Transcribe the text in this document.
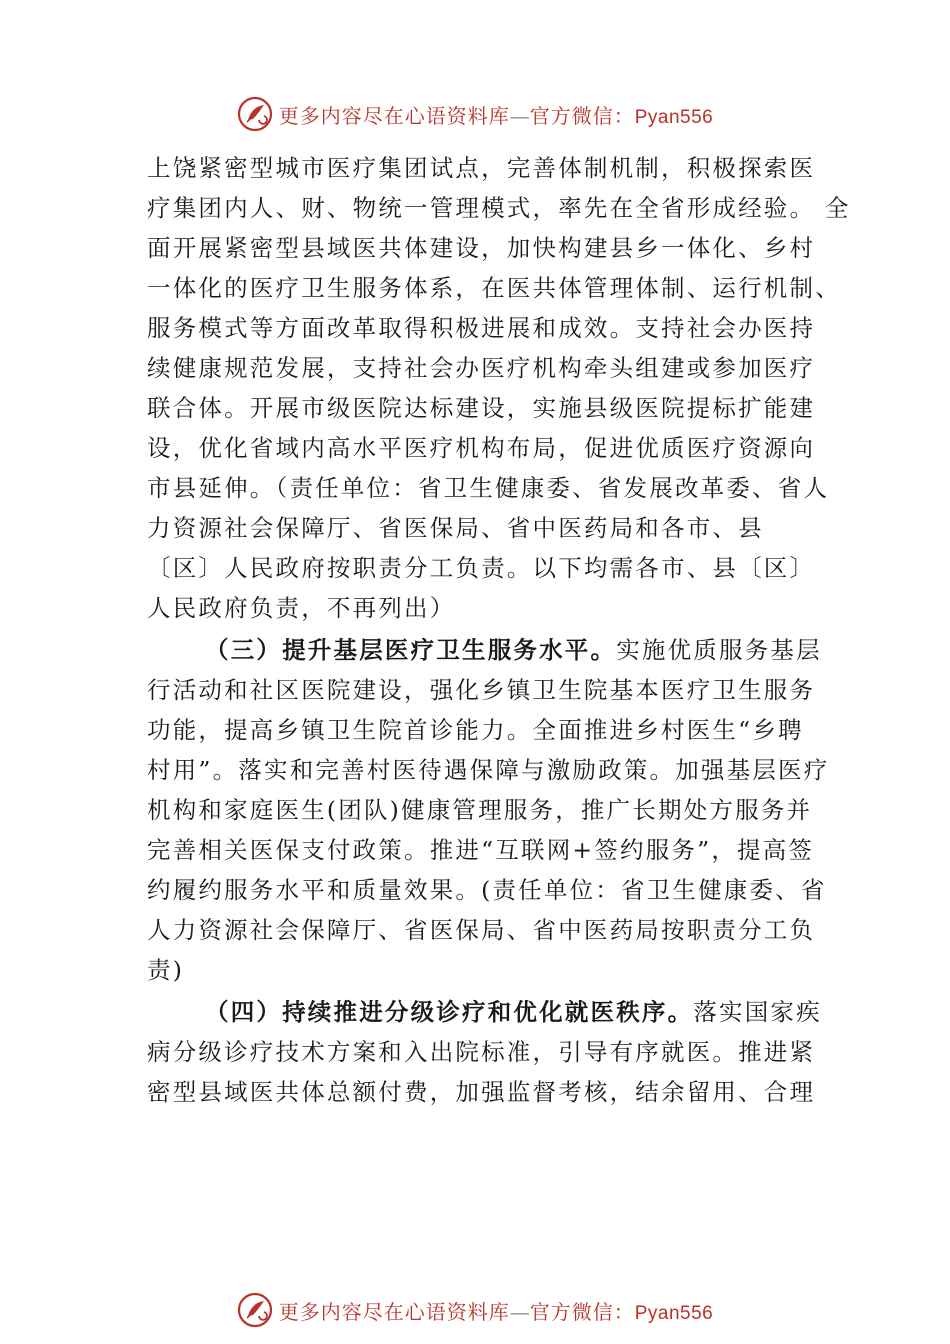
更多内容尽在心语资料库—官方微信：Pyan556
上饶紧密型城市医疗集团试点，完善体制机制，积极探索医
疗集团内人、财、物统一管理模式，率先在全省形成经验。 全
面开展紧密型县域医共体建设，加快构建县乡一体化、乡村
一体化的医疗卫生服务体系，在医共体管理体制、运行机制、
服务模式等方面改革取得积极进展和成效。支持社会办医持
续健康规范发展，支持社会办医疗机构牵头组建或参加医疗
联合体。开展市级医院达标建设，实施县级医院提标扩能建
设，优化省域内高水平医疗机构布局，促进优质医疗资源向
市县延伸。（责任单位：省卫生健康委、省发展改革委、省人
力资源社会保障厅、省医保局、省中医药局和各市、县
〔区〕人民政府按职责分工负责。以下均需各市、县〔区〕
人民政府负责，不再列出）
（三）提升基层医疗卫生服务水平。实施优质服务基层
行活动和社区医院建设，强化乡镇卫生院基本医疗卫生服务
功能，提高乡镇卫生院首诊能力。全面推进乡村医生“乡聘
村用”。落实和完善村医待遇保障与激励政策。加强基层医疗
机构和家庭医生(团队)健康管理服务，推广长期处方服务并
完善相关医保支付政策。推进“互联网+签约服务”，提高签
约履约服务水平和质量效果。(责任单位：省卫生健康委、省
人力资源社会保障厅、省医保局、省中医药局按职责分工负
责)
（四）持续推进分级诊疗和优化就医秩序。落实国家疾
病分级诊疗技术方案和入出院标准，引导有序就医。推进紧
密型县域医共体总额付费，加强监督考核，结余留用、合理
更多内容尽在心语资料库—官方微信：Pyan556
